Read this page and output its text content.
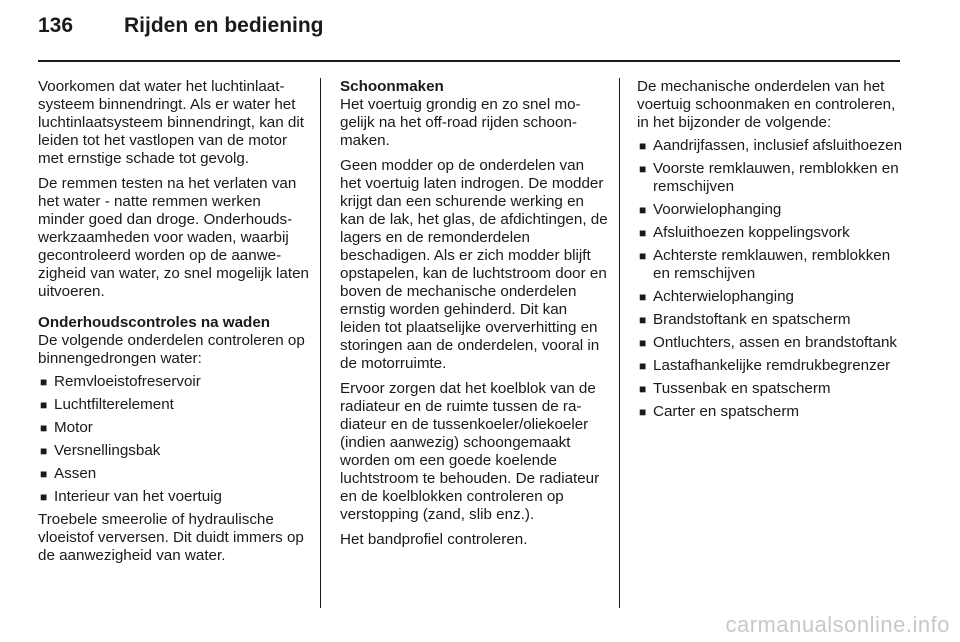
136 Rijden en bediening

Voorkomen dat water het luchtinlaatsysteem binnendringt. Als er water het luchtinlaatsysteem binnendringt, kan dit leiden tot het vastlopen van de motor met ernstige schade tot gevolg.

De remmen testen na het verlaten van het water - natte remmen werken minder goed dan droge. Onderhoudswerkzaamheden voor waden, waarbij gecontroleerd worden op de aanwezigheid van water, zo snel mogelijk laten uitvoeren.

Onderhoudscontroles na waden

De volgende onderdelen controleren op binnengedrongen water:

■ Remvloeistofreservoir
■ Luchtfilterelement
■ Motor
■ Versnellingsbak
■ Assen
■ Interieur van het voertuig

Troebele smeerolie of hydraulische vloeistof verversen. Dit duidt immers op de aanwezigheid van water.

Schoonmaken

Het voertuig grondig en zo snel mogelijk na het off-road rijden schoonmaken.

Geen modder op de onderdelen van het voertuig laten indrogen. De modder krijgt dan een schurende werking en kan de lak, het glas, de afdichtingen, de lagers en de remonderdelen beschadigen. Als er zich modder blijft opstapelen, kan de luchtstroom door en boven de mechanische onderdelen ernstig worden gehinderd. Dit kan leiden tot plaatselijke oververhitting en storingen aan de onderdelen, vooral in de motorruimte.

Ervoor zorgen dat het koelblok van de radiateur en de ruimte tussen de radiateur en de tussenkoeler/oliekoeler (indien aanwezig) schoongemaakt worden om een goede koelende luchtstroom te behouden. De radiateur en de koelblokken controleren op verstopping (zand, slib enz.).

Het bandprofiel controleren.

De mechanische onderdelen van het voertuig schoonmaken en controleren, in het bijzonder de volgende:

■ Aandrijfassen, inclusief afsluithoezen
■ Voorste remklauwen, remblokken en remschijven
■ Voorwielophanging
■ Afsluithoezen koppelingsvork
■ Achterste remklauwen, remblokken en remschijven
■ Achterwielophanging
■ Brandstoftank en spatscherm
■ Ontluchters, assen en brandstoftank
■ Lastafhankelijke remdrukbegrenzer
■ Tussenbak en spatscherm
■ Carter en spatscherm
carmanualsonline.info
